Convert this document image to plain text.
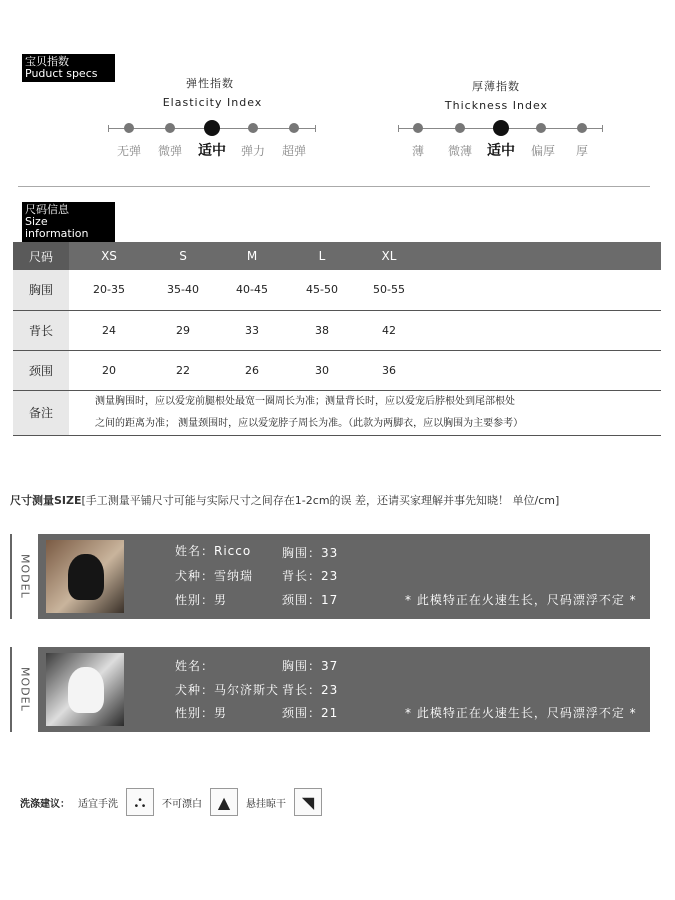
宝贝指数
Puduct specs
弹性指数
Elasticity Index
无弹	微弹	适中	弹力	超弹
厚薄指数
Thickness Index
薄	微薄	适中	偏厚	厚
尺码信息
Size information
尺码	XS	S	M	L	XL	
胸围	20-35	35-40	40-45	45-50	50-55	
背长	24	29	33	38	42	
颈围	20	22	26	30	36	
备注	测量胸围时，应以爱宠前腿根处最宽一圈周长为准；测量背长时，应以爱宠后脖根处到尾部根处
之间的距离为准； 测量颈围时，应以爱宠脖子周长为准。（此款为两脚衣，应以胸围为主要参考）					
尺寸测量SIZE[手工测量平铺尺寸可能与实际尺寸之间存在1-2cm的误 差，还请买家理解并事先知晓！ 单位/cm]
MODEL
姓名：Ricco
犬种：雪纳瑞
性别：男
胸围：33
背长：23
颈围：17	* 此模特正在火速生长，尺码漂浮不定 *
MODEL
姓名：
犬种：马尔济斯犬
性别：男
胸围：37
背长：23
颈围：21	* 此模特正在火速生长，尺码漂浮不定 *
洗涤建议： 适宜手洗	⛬	不可漂白 ▲	悬挂晾干 ◥
